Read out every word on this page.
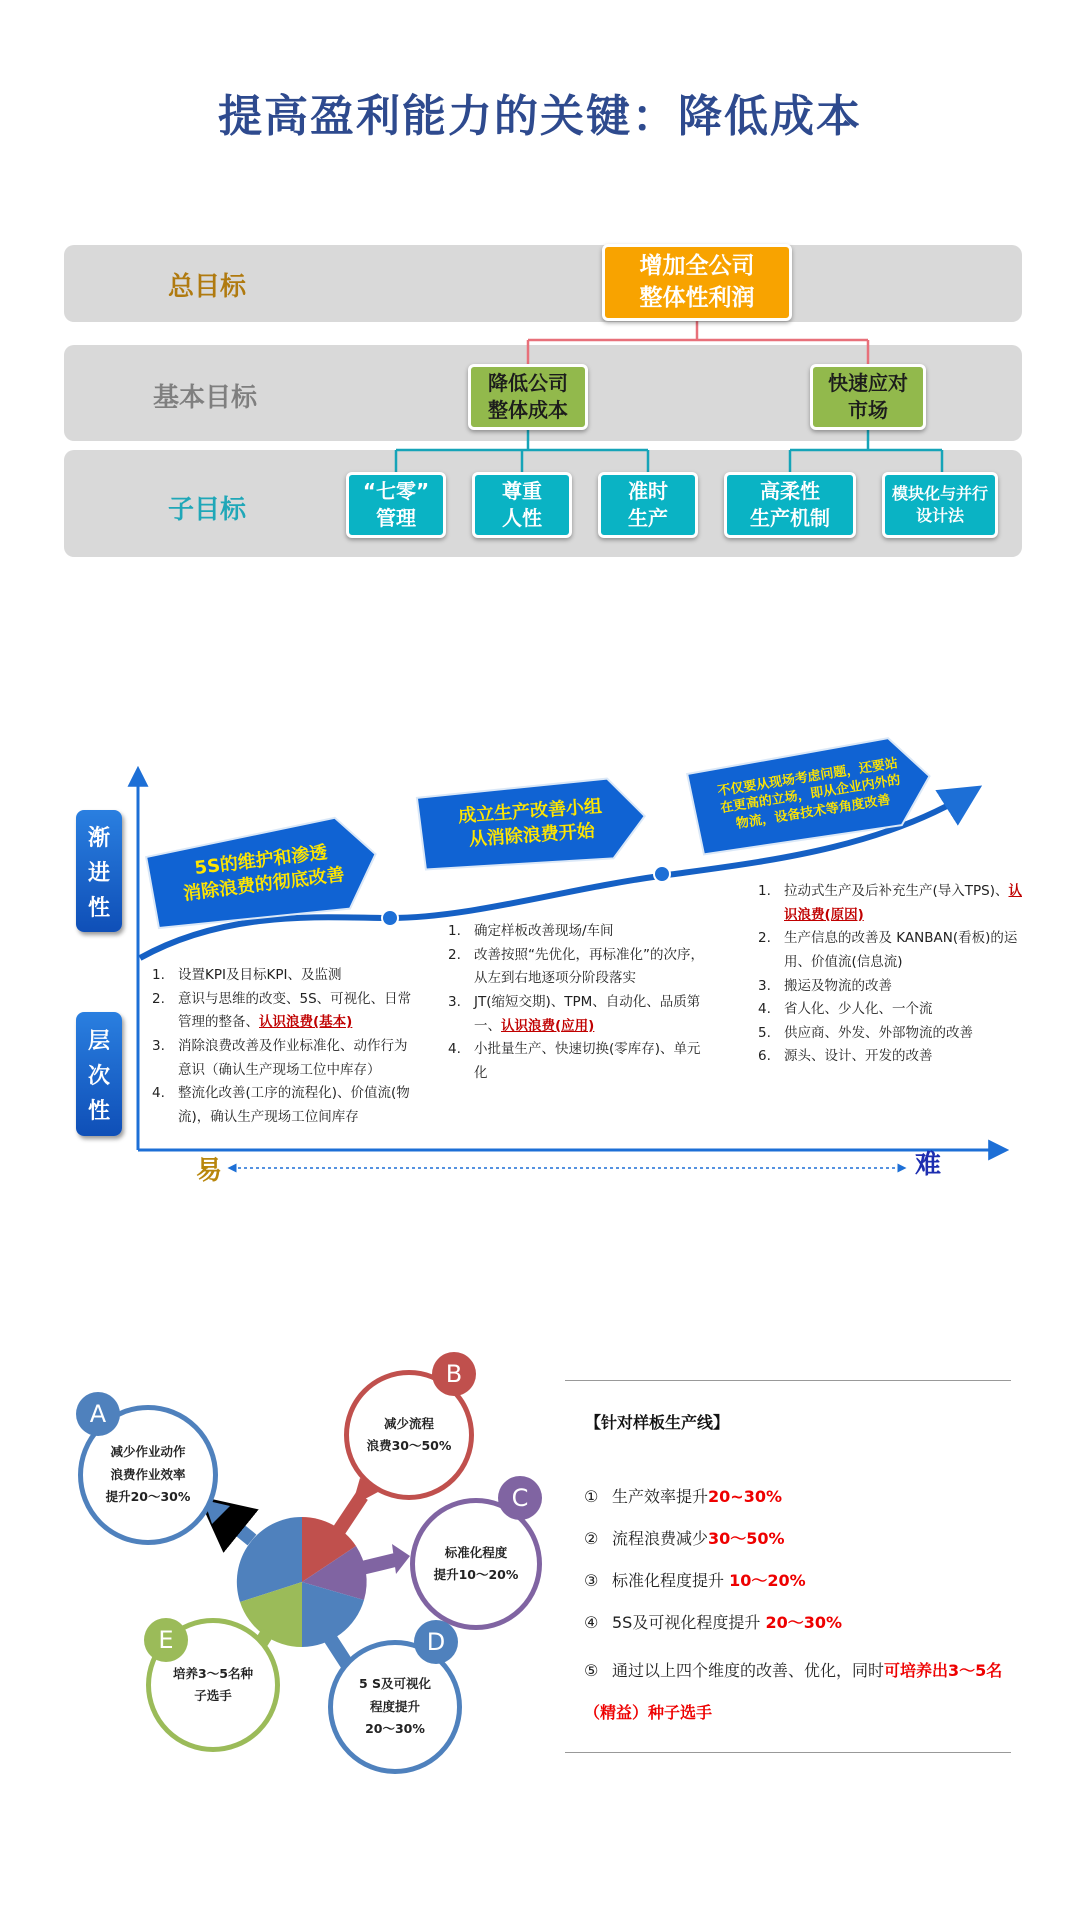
提高盈利能力的关键：降低成本
总目标
基本目标
子目标
增加全公司
整体性利润
降低公司
整体成本
快速应对
市场
“七零”
管理
尊重
人性
准时
生产
高柔性
生产机制
模块化与并行
设计法
渐
进
性
层
次
性
5S的维护和渗透
消除浪费的彻底改善
成立生产改善小组
从消除浪费开始
不仅要从现场考虑问题，还要站
在更高的立场，即从企业内外的
物流，设备技术等角度改善
1. 设置KPI及目标KPI、及监测
2. 意识与思维的改变、5S、可视化、日常管理的整备、认识浪费(基本)
3. 消除浪费改善及作业标准化、动作行为意识（确认生产现场工位中库存）
4. 整流化改善(工序的流程化)、价值流(物流)，确认生产现场工位间库存
1. 确定样板改善现场/车间
2. 改善按照“先优化，再标准化”的次序，从左到右地逐项分阶段落实
3. JT(缩短交期)、TPM、自动化、品质第一、认识浪费(应用)
4. 小批量生产、快速切换(零库存)、单元化
1. 拉动式生产及后补充生产(导入TPS)、认识浪费(原因)
2. 生产信息的改善及 KANBAN(看板)的运用、价值流(信息流)
3. 搬运及物流的改善
4. 省人化、少人化、一个流
5. 供应商、外发、外部物流的改善
6. 源头、设计、开发的改善
易	难
减少作业动作
浪费作业效率
提升20～30%
A	减少流程
浪费30～50%
B
标准化程度
提升10～20%
C
5 S及可视化
程度提升
20～30%
D
培养3～5名种
子选手
E
【针对样板生产线】
① 生产效率提升20~30%
② 流程浪费减少30～50%
③ 标准化程度提升 10～20%
④ 5S及可视化程度提升 20～30%
⑤ 通过以上四个维度的改善、优化，同时可培养出3～5名（精益）种子选手
